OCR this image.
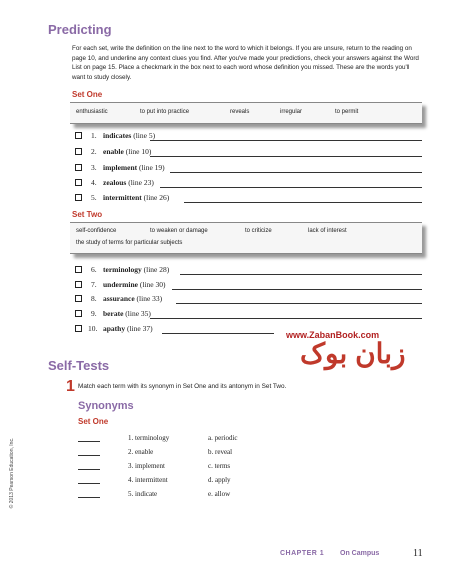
Predicting
For each set, write the definition on the line next to the word to which it belongs. If you are unsure, return to the reading on page 10, and underline any context clues you find. After you've made your predictions, check your answers against the Word List on page 15. Place a checkmark in the box next to each word whose definition you missed. These are the words you'll want to study closely.
Set One
enthusiastic	to put into practice	reveals	irregular	to permit
1. indicates (line 5)
2. enable (line 10)
3. implement (line 19)
4. zealous (line 23)
5. intermittent (line 26)
Set Two
self-confidence	to weaken or damage	to criticize	lack of interest
the study of terms for particular subjects
6. terminology (line 28)
7. undermine (line 30)
8. assurance (line 33)
9. berate (line 35)
10. apathy (line 37)
www.ZabanBook.com
زبان بوک
Self-Tests
1 Match each term with its synonym in Set One and its antonym in Set Two.
Synonyms
Set One
1. terminology	a. periodic
2. enable	b. reveal
3. implement	c. terms
4. intermittent	d. apply
5. indicate	e. allow
© 2013 Pearson Education, Inc.
CHAPTER 1 On Campus	11
